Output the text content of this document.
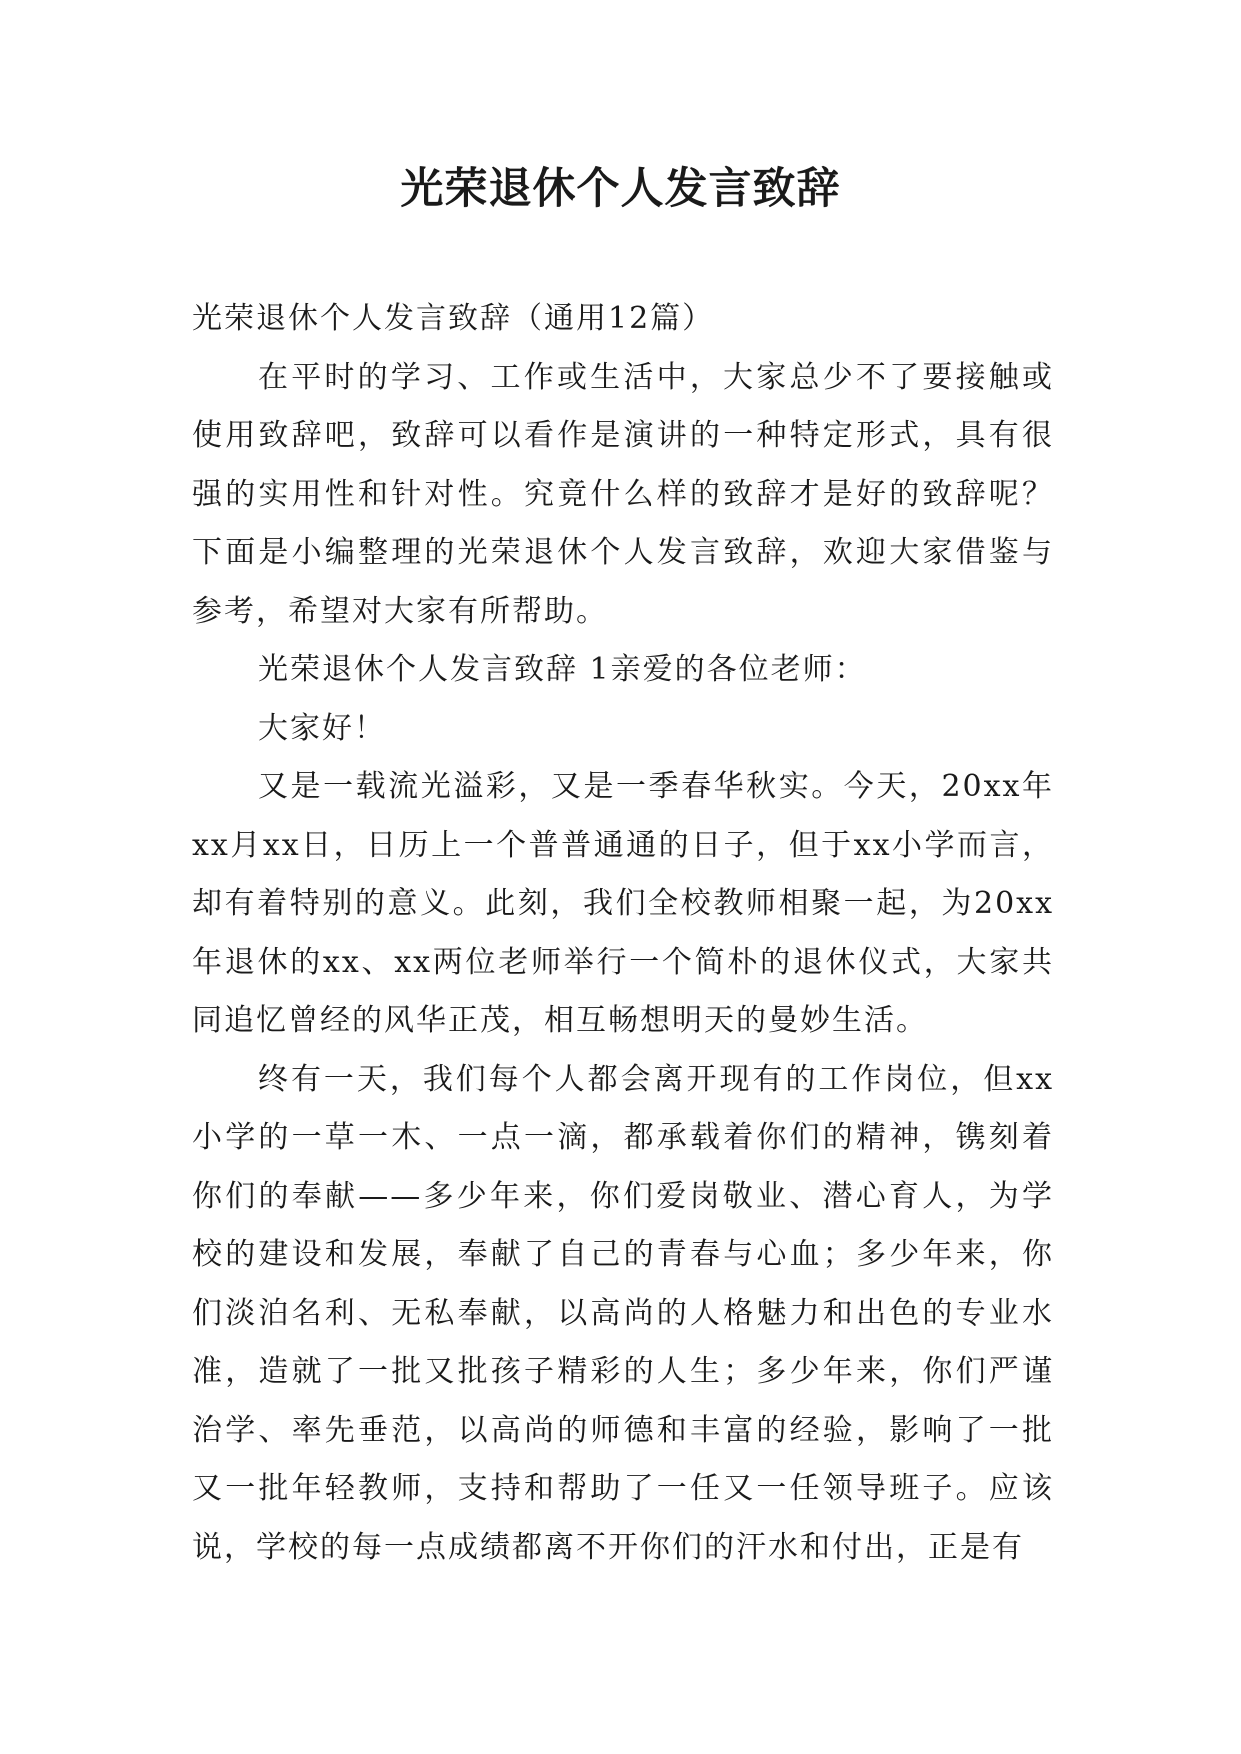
光荣退休个人发言致辞

光荣退休个人发言致辞（通用12篇）

在平时的学习、工作或生活中，大家总少不了要接触或使用致辞吧，致辞可以看作是演讲的一种特定形式，具有很强的实用性和针对性。究竟什么样的致辞才是好的致辞呢？下面是小编整理的光荣退休个人发言致辞，欢迎大家借鉴与参考，希望对大家有所帮助。

光荣退休个人发言致辞 1亲爱的各位老师：

大家好！

又是一载流光溢彩，又是一季春华秋实。今天，20xx年xx月xx日，日历上一个普普通通的日子，但于xx小学而言，却有着特别的意义。此刻，我们全校教师相聚一起，为20xx年退休的xx、xx两位老师举行一个简朴的退休仪式，大家共同追忆曾经的风华正茂，相互畅想明天的曼妙生活。

终有一天，我们每个人都会离开现有的工作岗位，但xx小学的一草一木、一点一滴，都承载着你们的精神，镌刻着你们的奉献——多少年来，你们爱岗敬业、潜心育人，为学校的建设和发展，奉献了自己的青春与心血；多少年来，你们淡泊名利、无私奉献，以高尚的人格魅力和出色的专业水准，造就了一批又批孩子精彩的人生；多少年来，你们严谨治学、率先垂范，以高尚的师德和丰富的经验，影响了一批又一批年轻教师，支持和帮助了一任又一任领导班子。应该说，学校的每一点成绩都离不开你们的汗水和付出，正是有
